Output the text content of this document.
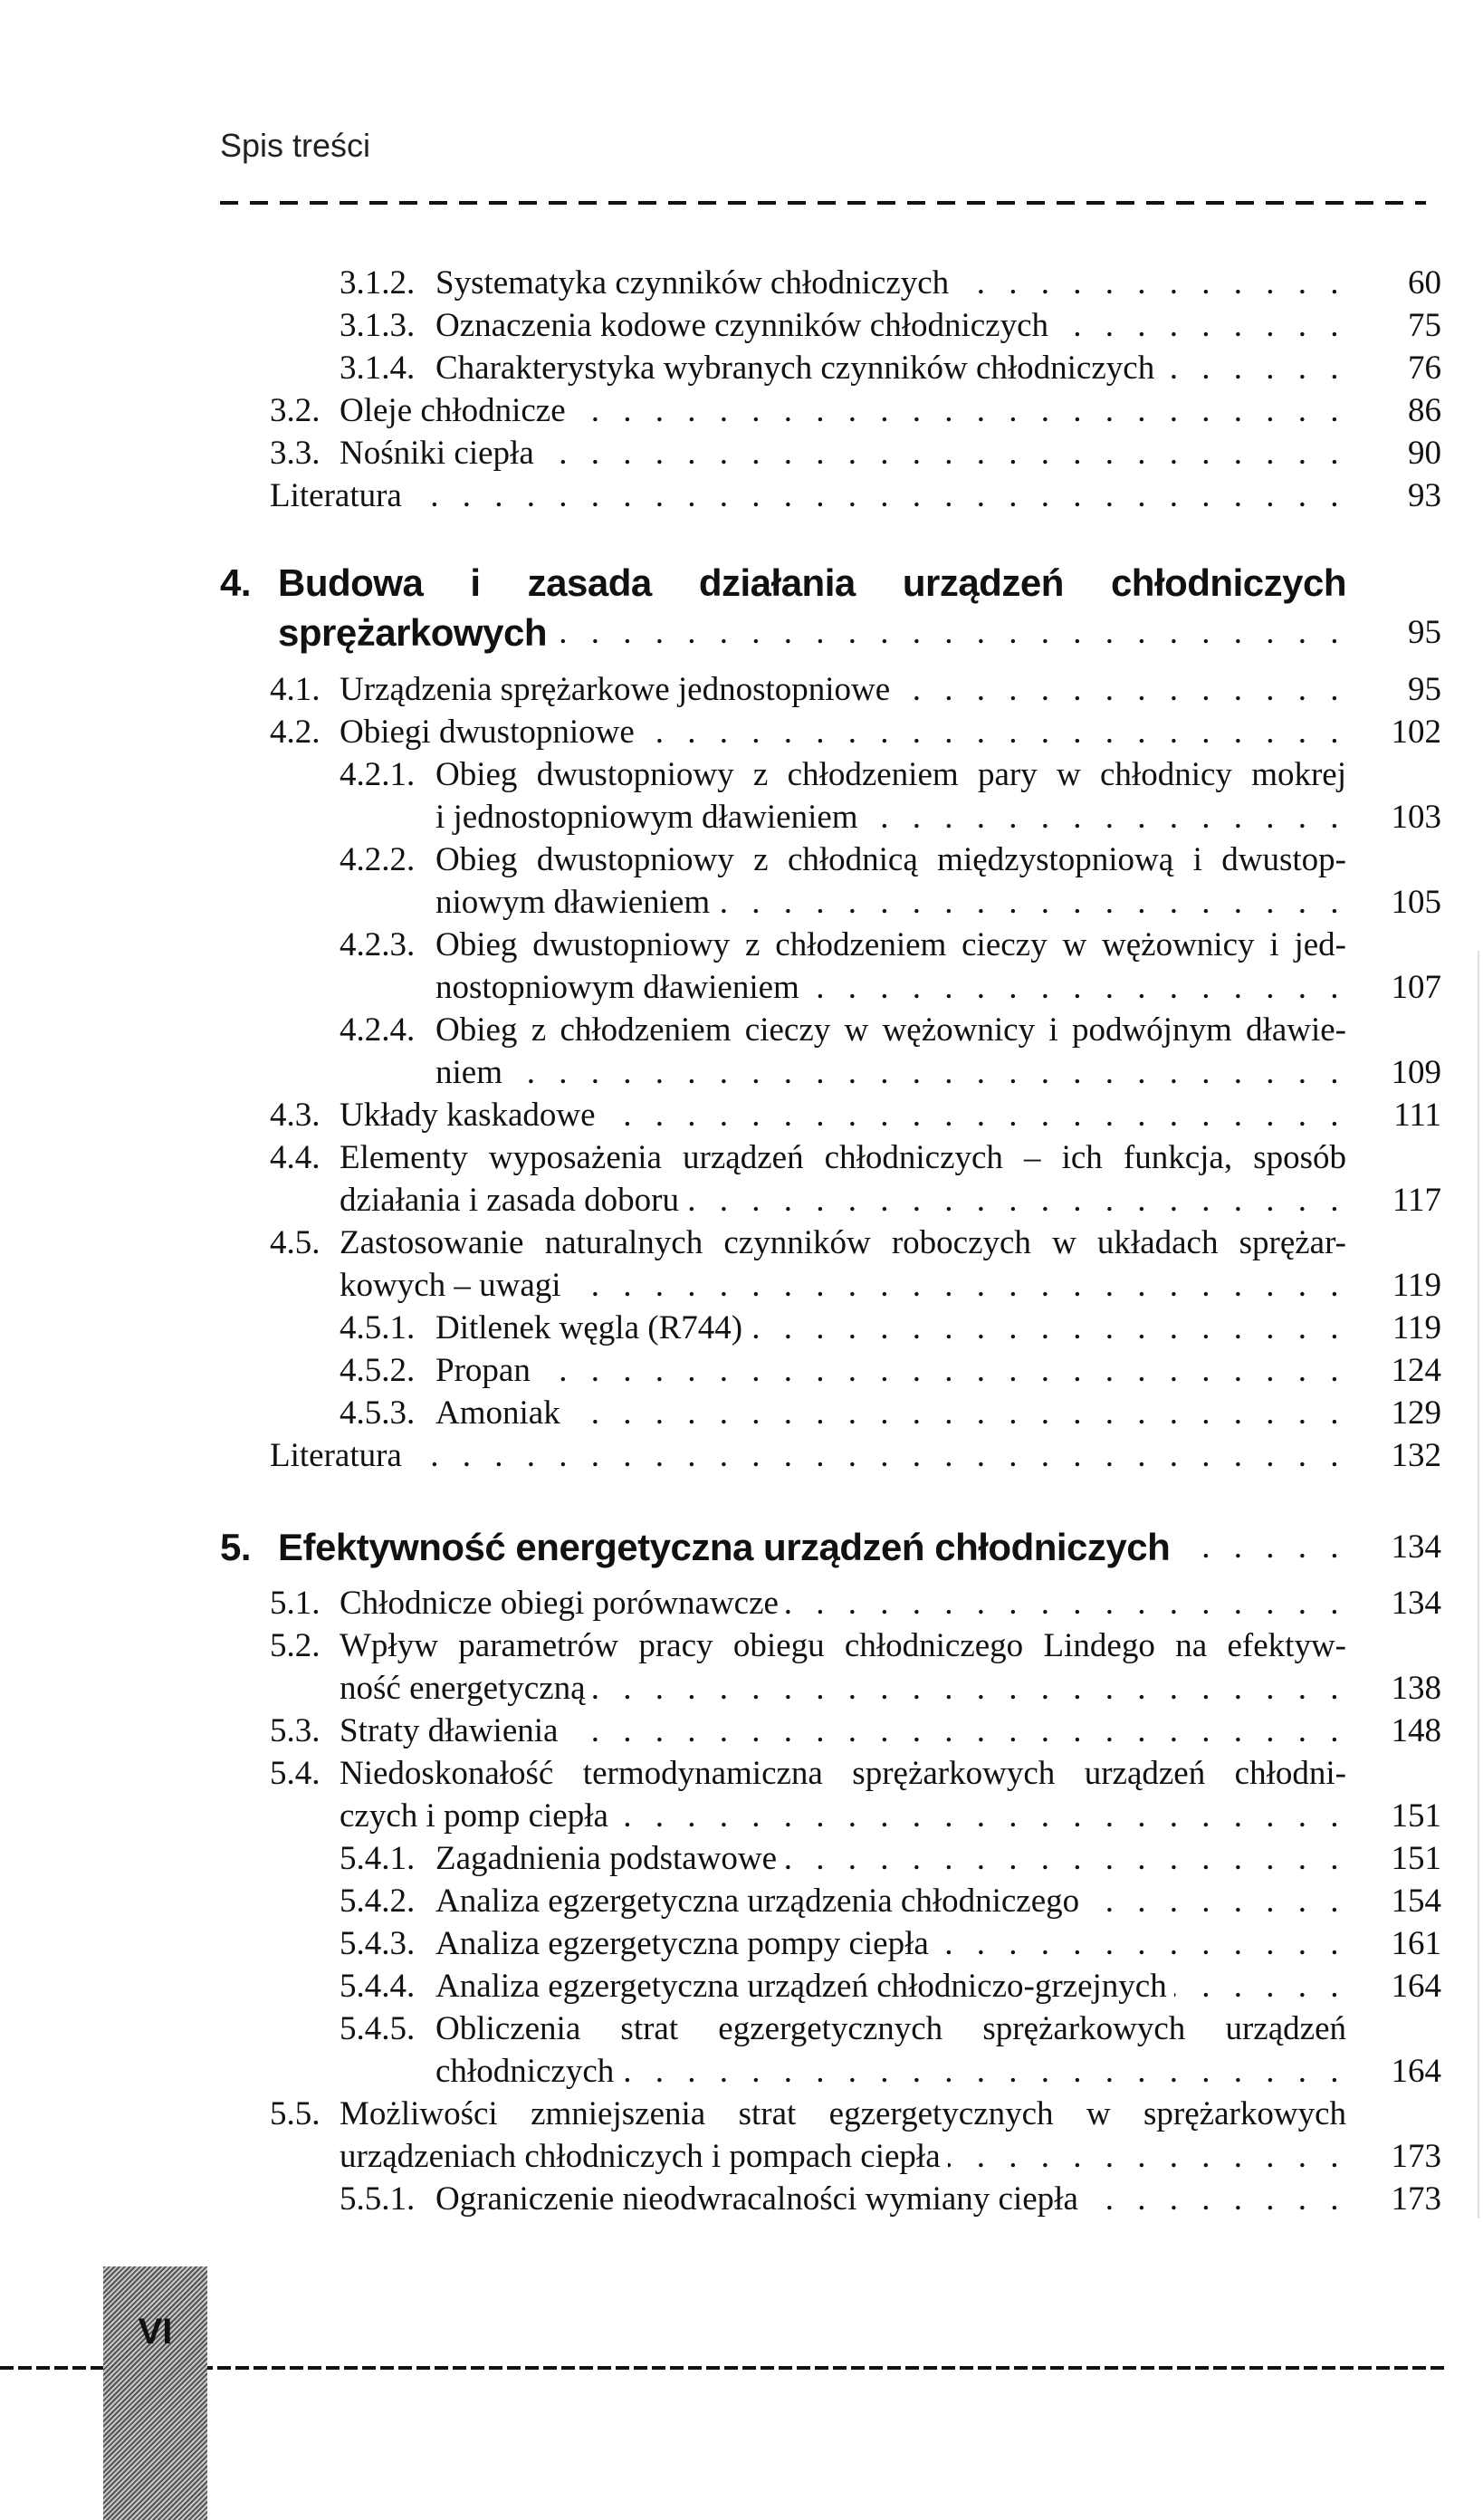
Spis treści
3.1.2. Systematyka czynników chłodniczych . . .	60
3.1.3. Oznaczenia kodowe czynników chłodniczych . . .	75
3.1.4. Charakterystyka wybranych czynników chłodniczych . . .	76
3.2. Oleje chłodnicze . . .	86
3.3. Nośniki ciepła . . .	90
Literatura . . .	93
4. Budowa i zasada działania urządzeń chłodniczych
sprężarkowych . . .	95
4.1. Urządzenia sprężarkowe jednostopniowe . . .	95
4.2. Obiegi dwustopniowe . . .	102
4.2.1. Obieg dwustopniowy z chłodzeniem pary w chłodnicy mokrej
i jednostopniowym dławieniem . . .	103
4.2.2. Obieg dwustopniowy z chłodnicą międzystopniową i dwustop-
niowym dławieniem . . .	105
4.2.3. Obieg dwustopniowy z chłodzeniem cieczy w wężownicy i jed-
nostopniowym dławieniem . . .	107
4.2.4. Obieg z chłodzeniem cieczy w wężownicy i podwójnym dławie-
niem . . .	109
4.3. Układy kaskadowe . . .	111
4.4. Elementy wyposażenia urządzeń chłodniczych – ich funkcja, sposób
działania i zasada doboru . . .	117
4.5. Zastosowanie naturalnych czynników roboczych w układach sprężar-
kowych – uwagi . . .	119
4.5.1. Ditlenek węgla (R744) . . .	119
4.5.2. Propan . . .	124
4.5.3. Amoniak . . .	129
Literatura . . .	132
5. Efektywność energetyczna urządzeń chłodniczych . . .	134
5.1. Chłodnicze obiegi porównawcze . . .	134
5.2. Wpływ parametrów pracy obiegu chłodniczego Lindego na efektyw-
ność energetyczną . . .	138
5.3. Straty dławienia . . .	148
5.4. Niedoskonałość termodynamiczna sprężarkowych urządzeń chłodni-
czych i pomp ciepła . . .	151
5.4.1. Zagadnienia podstawowe . . .	151
5.4.2. Analiza egzergetyczna urządzenia chłodniczego . . .	154
5.4.3. Analiza egzergetyczna pompy ciepła . . .	161
5.4.4. Analiza egzergetyczna urządzeń chłodniczo-grzejnych . . .	164
5.4.5. Obliczenia strat egzergetycznych sprężarkowych urządzeń
chłodniczych . . .	164
5.5. Możliwości zmniejszenia strat egzergetycznych w sprężarkowych
urządzeniach chłodniczych i pompach ciepła . . .	173
5.5.1. Ograniczenie nieodwracalności wymiany ciepła . . .	173
VI
